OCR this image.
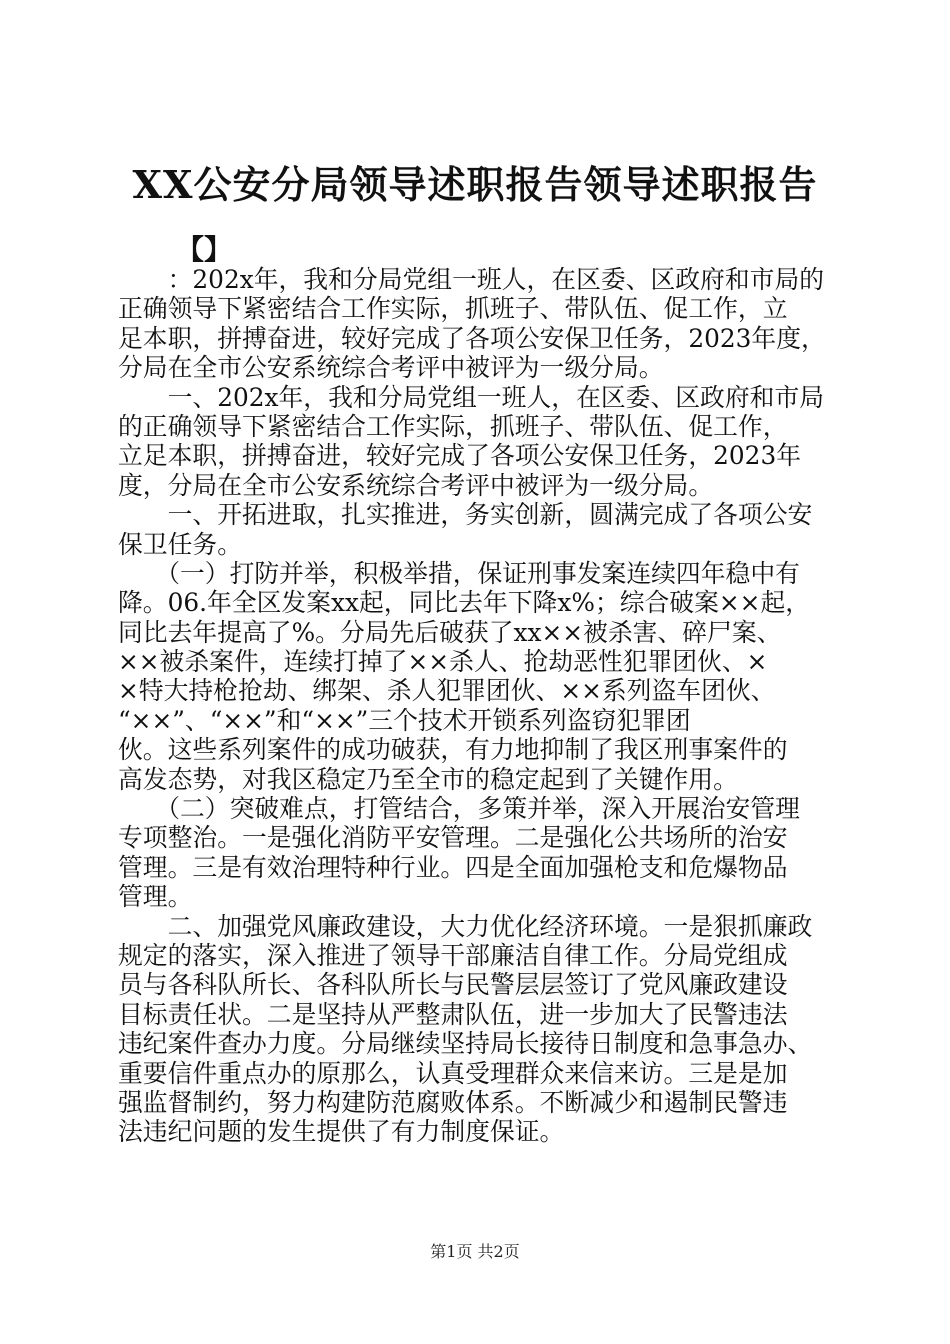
XX公安分局领导述职报告领导述职报告
【】
　　：202x年，我和分局党组一班人，在区委、区政府和市局的
正确领导下紧密结合工作实际，抓班子、带队伍、促工作，立
足本职，拼搏奋进，较好完成了各项公安保卫任务，2023年度，
分局在全市公安系统综合考评中被评为一级分局。
　　一、202x年，我和分局党组一班人，在区委、区政府和市局
的正确领导下紧密结合工作实际，抓班子、带队伍、促工作，
立足本职，拼搏奋进，较好完成了各项公安保卫任务，2023年
度，分局在全市公安系统综合考评中被评为一级分局。
　　一、开拓进取，扎实推进，务实创新，圆满完成了各项公安
保卫任务。
　　（一）打防并举，积极举措，保证刑事发案连续四年稳中有
降。06.年全区发案xx起，同比去年下降x%；综合破案××起，
同比去年提高了%。分局先后破获了xx××被杀害、碎尸案、
××被杀案件，连续打掉了××杀人、抢劫恶性犯罪团伙、×
×特大持枪抢劫、绑架、杀人犯罪团伙、××系列盗车团伙、
“××”、“××”和“××”三个技术开锁系列盗窃犯罪团
伙。这些系列案件的成功破获，有力地抑制了我区刑事案件的
高发态势，对我区稳定乃至全市的稳定起到了关键作用。
　　（二）突破难点，打管结合，多策并举，深入开展治安管理
专项整治。一是强化消防平安管理。二是强化公共场所的治安
管理。三是有效治理特种行业。四是全面加强枪支和危爆物品
管理。
　　二、加强党风廉政建设，大力优化经济环境。一是狠抓廉政
规定的落实，深入推进了领导干部廉洁自律工作。分局党组成
员与各科队所长、各科队所长与民警层层签订了党风廉政建设
目标责任状。二是坚持从严整肃队伍，进一步加大了民警违法
违纪案件查办力度。分局继续坚持局长接待日制度和急事急办、
重要信件重点办的原那么，认真受理群众来信来访。三是是加
强监督制约，努力构建防范腐败体系。不断减少和遏制民警违
法违纪问题的发生提供了有力制度保证。
第1页 共2页
